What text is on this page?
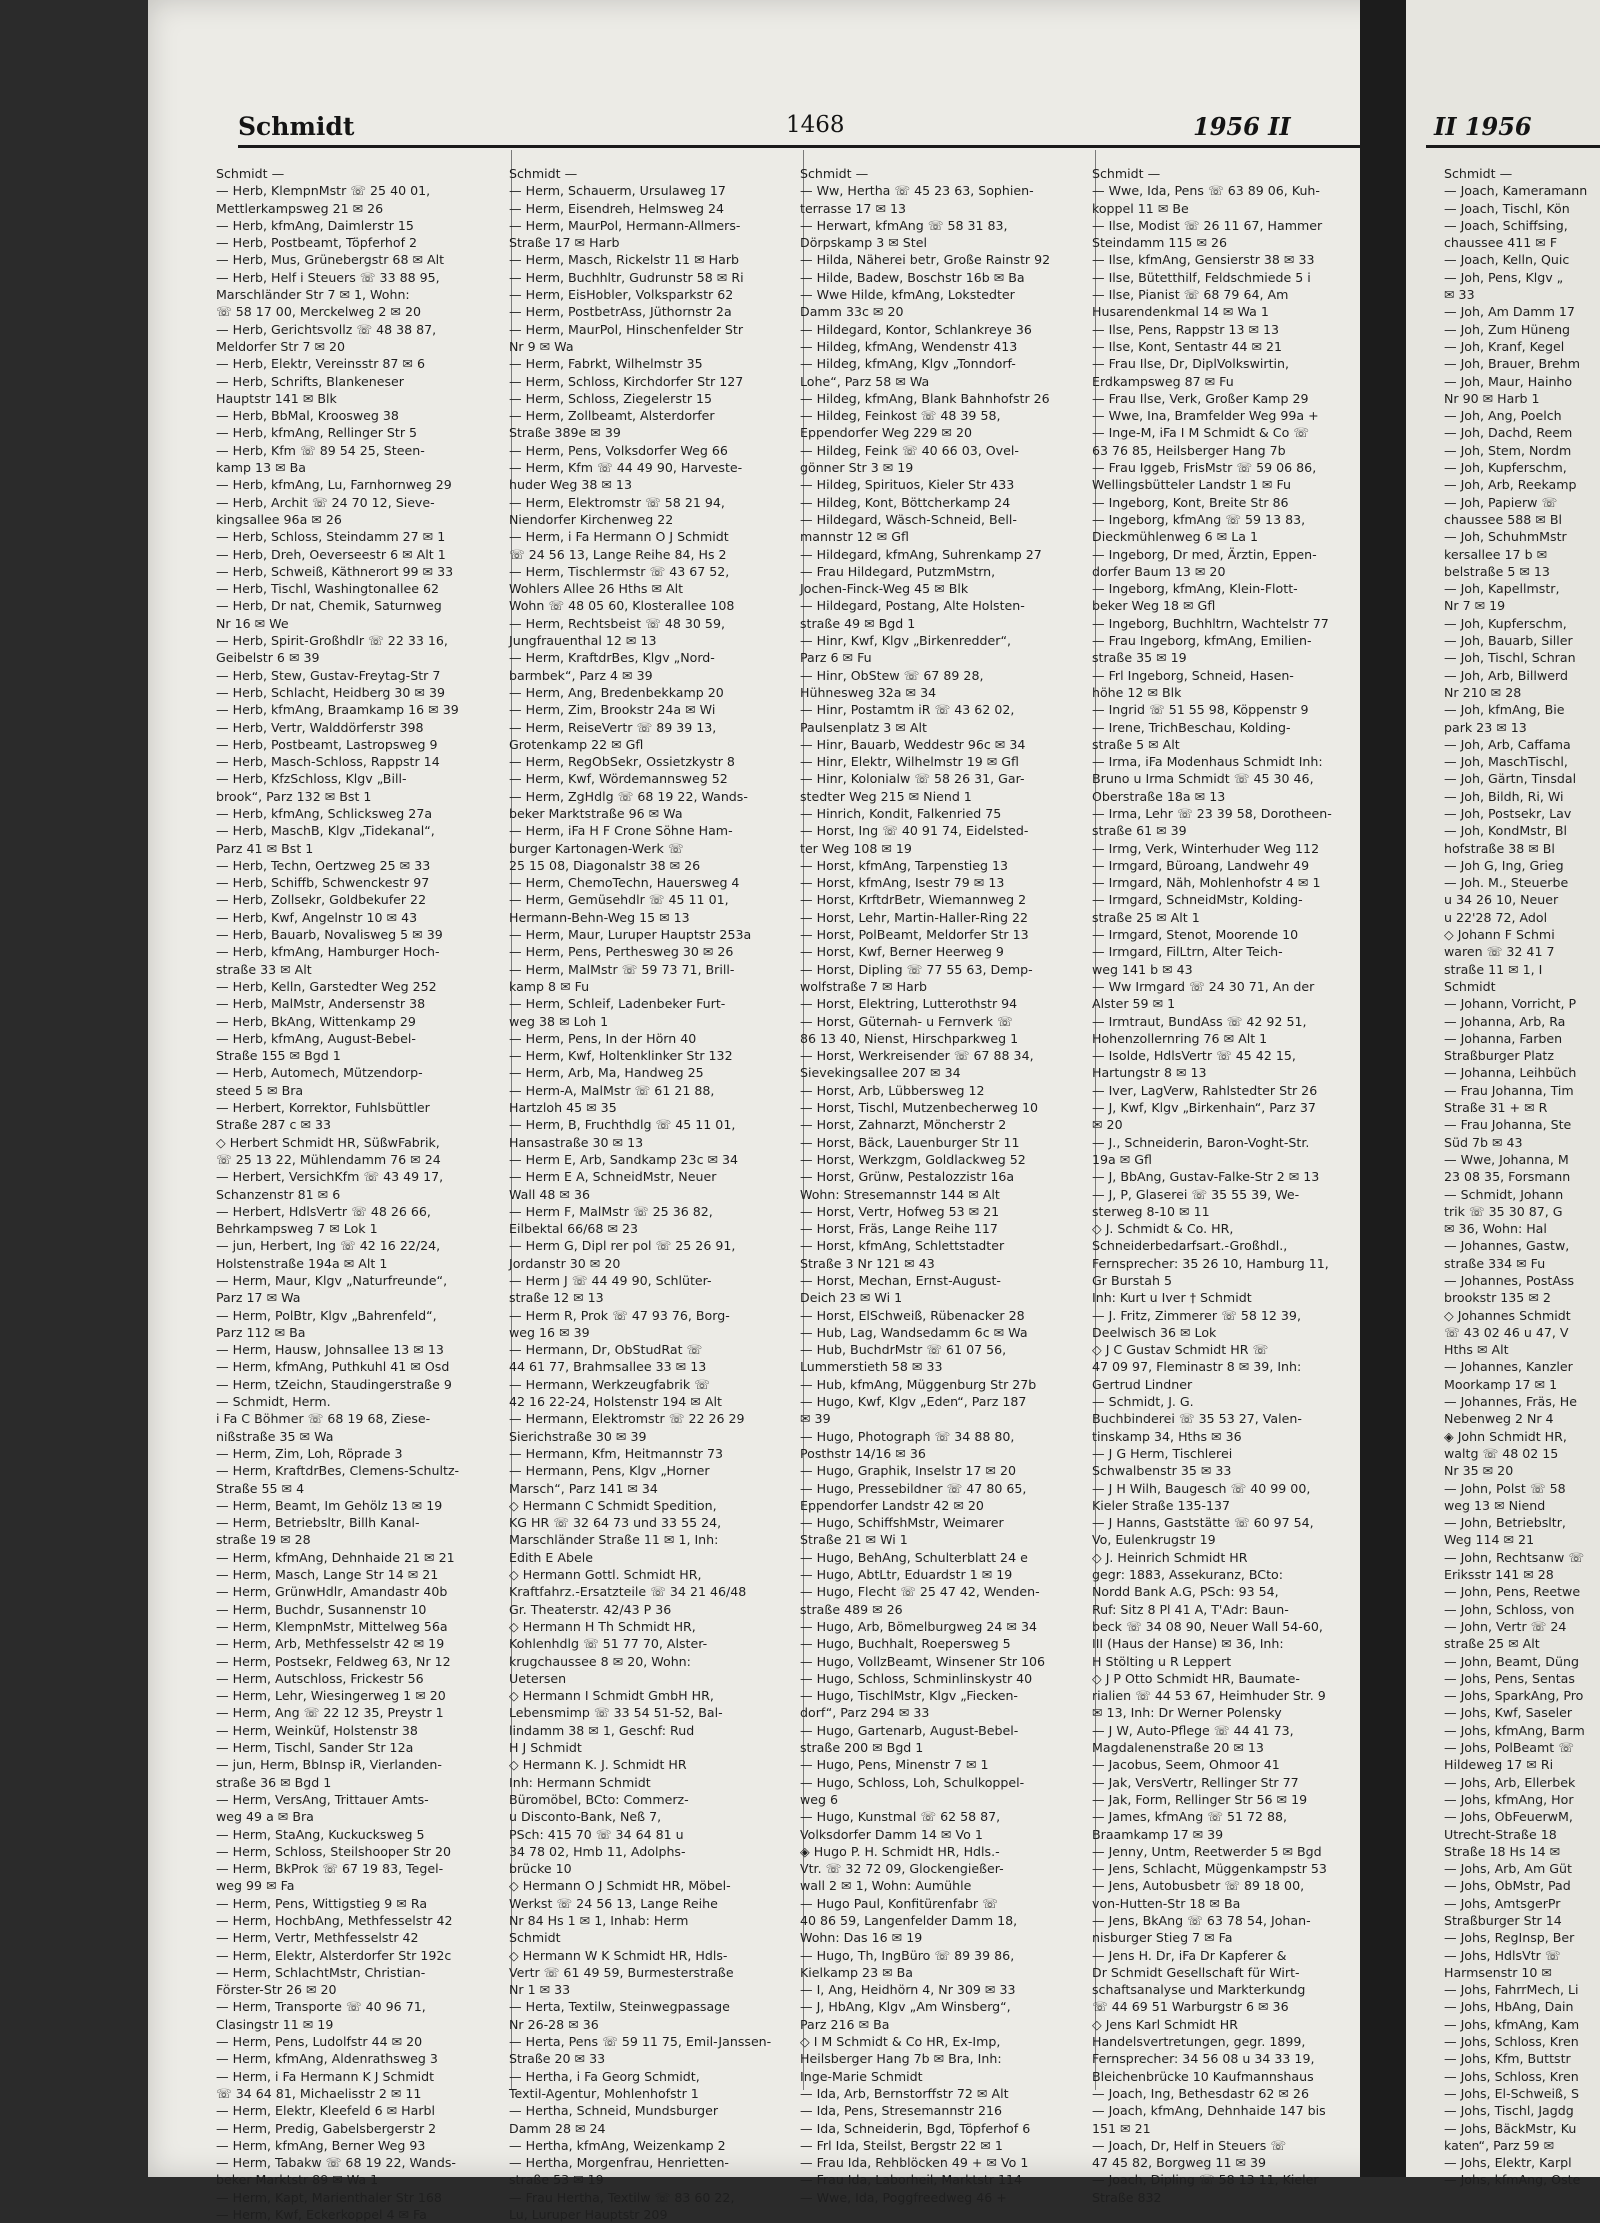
Schmidt	1468	1956 II
Schmidt —
— Herb, KlempnMstr ☏ 25 40 01,
Mettlerkampsweg 21 ✉ 26
— Herb, kfmAng, Daimlerstr 15
— Herb, Postbeamt, Töpferhof 2
— Herb, Mus, Grünebergstr 68 ✉ Alt
— Herb, Helf i Steuers ☏ 33 88 95,
Marschländer Str 7 ✉ 1, Wohn:
☏ 58 17 00, Merckelweg 2 ✉ 20
— Herb, Gerichtsvollz ☏ 48 38 87,
Meldorfer Str 7 ✉ 20
— Herb, Elektr, Vereinsstr 87 ✉ 6
— Herb, Schrifts, Blankeneser
Hauptstr 141 ✉ Blk
— Herb, BbMal, Kroosweg 38
— Herb, kfmAng, Rellinger Str 5
— Herb, Kfm ☏ 89 54 25, Steen-
kamp 13 ✉ Ba
— Herb, kfmAng, Lu, Farnhornweg 29
— Herb, Archit ☏ 24 70 12, Sieve-
kingsallee 96a ✉ 26
— Herb, Schloss, Steindamm 27 ✉ 1
— Herb, Dreh, Oeverseestr 6 ✉ Alt 1
— Herb, Schweiß, Käthnerort 99 ✉ 33
— Herb, Tischl, Washingtonallee 62
— Herb, Dr nat, Chemik, Saturnweg
Nr 16 ✉ We
— Herb, Spirit-Großhdlr ☏ 22 33 16,
Geibelstr 6 ✉ 39
— Herb, Stew, Gustav-Freytag-Str 7
— Herb, Schlacht, Heidberg 30 ✉ 39
— Herb, kfmAng, Braamkamp 16 ✉ 39
— Herb, Vertr, Walddörferstr 398
— Herb, Postbeamt, Lastropsweg 9
— Herb, Masch-Schloss, Rappstr 14
— Herb, KfzSchloss, Klgv „Bill-
brook“, Parz 132 ✉ Bst 1
— Herb, kfmAng, Schlicksweg 27a
— Herb, MaschB, Klgv „Tidekanal“,
Parz 41 ✉ Bst 1
— Herb, Techn, Oertzweg 25 ✉ 33
— Herb, Schiffb, Schwenckestr 97
— Herb, Zollsekr, Goldbekufer 22
— Herb, Kwf, Angelnstr 10 ✉ 43
— Herb, Bauarb, Novalisweg 5 ✉ 39
— Herb, kfmAng, Hamburger Hoch-
straße 33 ✉ Alt
— Herb, Kelln, Garstedter Weg 252
— Herb, MalMstr, Andersenstr 38
— Herb, BkAng, Wittenkamp 29
— Herb, kfmAng, August-Bebel-
Straße 155 ✉ Bgd 1
— Herb, Automech, Mützendorp-
steed 5 ✉ Bra
— Herbert, Korrektor, Fuhlsbüttler
Straße 287 c ✉ 33
◇ Herbert Schmidt HR, SüßwFabrik,
☏ 25 13 22, Mühlendamm 76 ✉ 24
— Herbert, VersichKfm ☏ 43 49 17,
Schanzenstr 81 ✉ 6
— Herbert, HdlsVertr ☏ 48 26 66,
Behrkampsweg 7 ✉ Lok 1
— jun, Herbert, Ing ☏ 42 16 22/24,
Holstenstraße 194a ✉ Alt 1
— Herm, Maur, Klgv „Naturfreunde“,
Parz 17 ✉ Wa
— Herm, PolBtr, Klgv „Bahrenfeld“,
Parz 112 ✉ Ba
— Herm, Hausw, Johnsallee 13 ✉ 13
— Herm, kfmAng, Puthkuhl 41 ✉ Osd
— Herm, tZeichn, Staudingerstraße 9
— Schmidt, Herm.
i Fa C Böhmer ☏ 68 19 68, Ziese-
nißstraße 35 ✉ Wa
— Herm, Zim, Loh, Röprade 3
— Herm, KraftdrBes, Clemens-Schultz-
Straße 55 ✉ 4
— Herm, Beamt, Im Gehölz 13 ✉ 19
— Herm, Betriebsltr, Billh Kanal-
straße 19 ✉ 28
— Herm, kfmAng, Dehnhaide 21 ✉ 21
— Herm, Masch, Lange Str 14 ✉ 21
— Herm, GrünwHdlr, Amandastr 40b
— Herm, Buchdr, Susannenstr 10
— Herm, KlempnMstr, Mittelweg 56a
— Herm, Arb, Methfesselstr 42 ✉ 19
— Herm, Postsekr, Feldweg 63, Nr 12
— Herm, Autschloss, Frickestr 56
— Herm, Lehr, Wiesingerweg 1 ✉ 20
— Herm, Ang ☏ 22 12 35, Preystr 1
— Herm, Weinküf, Holstenstr 38
— Herm, Tischl, Sander Str 12a
— jun, Herm, BbInsp iR, Vierlanden-
straße 36 ✉ Bgd 1
— Herm, VersAng, Trittauer Amts-
weg 49 a ✉ Bra
— Herm, StaAng, Kuckucksweg 5
— Herm, Schloss, Steilshooper Str 20
— Herm, BkProk ☏ 67 19 83, Tegel-
weg 99 ✉ Fa
— Herm, Pens, Wittigstieg 9 ✉ Ra
— Herm, HochbAng, Methfesselstr 42
— Herm, Vertr, Methfesselstr 42
— Herm, Elektr, Alsterdorfer Str 192c
— Herm, SchlachtMstr, Christian-
Förster-Str 26 ✉ 20
— Herm, Transporte ☏ 40 96 71,
Clasingstr 11 ✉ 19
— Herm, Pens, Ludolfstr 44 ✉ 20
— Herm, kfmAng, Aldenrathsweg 3
— Herm, i Fa Hermann K J Schmidt
☏ 34 64 81, Michaelisstr 2 ✉ 11
— Herm, Elektr, Kleefeld 6 ✉ Harbl
— Herm, Predig, Gabelsbergerstr 2
— Herm, kfmAng, Berner Weg 93
— Herm, Tabakw ☏ 68 19 22, Wands-
beker Marktstr 89 ✉ Wa 1
— Herm, Kapt, Marienthaler Str 168
— Herm, Kwf, Eckerkoppel 4 ✉ Fa
Schmidt —
— Herm, Schauerm, Ursulaweg 17
— Herm, Eisendreh, Helmsweg 24
— Herm, MaurPol, Hermann-Allmers-
Straße 17 ✉ Harb
— Herm, Masch, Rickelstr 11 ✉ Harb
— Herm, Buchhltr, Gudrunstr 58 ✉ Ri
— Herm, EisHobler, Volksparkstr 62
— Herm, PostbetrAss, Jüthornstr 2a
— Herm, MaurPol, Hinschenfelder Str
Nr 9 ✉ Wa
— Herm, Fabrkt, Wilhelmstr 35
— Herm, Schloss, Kirchdorfer Str 127
— Herm, Schloss, Ziegelerstr 15
— Herm, Zollbeamt, Alsterdorfer
Straße 389e ✉ 39
— Herm, Pens, Volksdorfer Weg 66
— Herm, Kfm ☏ 44 49 90, Harveste-
huder Weg 38 ✉ 13
— Herm, Elektromstr ☏ 58 21 94,
Niendorfer Kirchenweg 22
— Herm, i Fa Hermann O J Schmidt
☏ 24 56 13, Lange Reihe 84, Hs 2
— Herm, Tischlermstr ☏ 43 67 52,
Wohlers Allee 26 Hths ✉ Alt
Wohn ☏ 48 05 60, Klosterallee 108
— Herm, Rechtsbeist ☏ 48 30 59,
Jungfrauenthal 12 ✉ 13
— Herm, KraftdrBes, Klgv „Nord-
barmbek“, Parz 4 ✉ 39
— Herm, Ang, Bredenbekkamp 20
— Herm, Zim, Brookstr 24a ✉ Wi
— Herm, ReiseVertr ☏ 89 39 13,
Grotenkamp 22 ✉ Gfl
— Herm, RegObSekr, Ossietzkystr 8
— Herm, Kwf, Wördemannsweg 52
— Herm, ZgHdlg ☏ 68 19 22, Wands-
beker Marktstraße 96 ✉ Wa
— Herm, iFa H F Crone Söhne Ham-
burger Kartonagen-Werk ☏
25 15 08, Diagonalstr 38 ✉ 26
— Herm, ChemoTechn, Hauersweg 4
— Herm, Gemüsehdlr ☏ 45 11 01,
Hermann-Behn-Weg 15 ✉ 13
— Herm, Maur, Luruper Hauptstr 253a
— Herm, Pens, Perthesweg 30 ✉ 26
— Herm, MalMstr ☏ 59 73 71, Brill-
kamp 8 ✉ Fu
— Herm, Schleif, Ladenbeker Furt-
weg 38 ✉ Loh 1
— Herm, Pens, In der Hörn 40
— Herm, Kwf, Holtenklinker Str 132
— Herm, Arb, Ma, Handweg 25
— Herm-A, MalMstr ☏ 61 21 88,
Hartzloh 45 ✉ 35
— Herm, B, Fruchthdlg ☏ 45 11 01,
Hansastraße 30 ✉ 13
— Herm E, Arb, Sandkamp 23c ✉ 34
— Herm E A, SchneidMstr, Neuer
Wall 48 ✉ 36
— Herm F, MalMstr ☏ 25 36 82,
Eilbektal 66/68 ✉ 23
— Herm G, Dipl rer pol ☏ 25 26 91,
Jordanstr 30 ✉ 20
— Herm J ☏ 44 49 90, Schlüter-
straße 12 ✉ 13
— Herm R, Prok ☏ 47 93 76, Borg-
weg 16 ✉ 39
— Hermann, Dr, ObStudRat ☏
44 61 77, Brahmsallee 33 ✉ 13
— Hermann, Werkzeugfabrik ☏
42 16 22-24, Holstenstr 194 ✉ Alt
— Hermann, Elektromstr ☏ 22 26 29
Sierichstraße 30 ✉ 39
— Hermann, Kfm, Heitmannstr 73
— Hermann, Pens, Klgv „Horner
Marsch“, Parz 141 ✉ 34
◇ Hermann C Schmidt Spedition,
KG HR ☏ 32 64 73 und 33 55 24,
Marschländer Straße 11 ✉ 1, Inh:
Edith E Abele
◇ Hermann Gottl. Schmidt HR,
Kraftfahrz.-Ersatzteile ☏ 34 21 46/48
Gr. Theaterstr. 42/43 P 36
◇ Hermann H Th Schmidt HR,
Kohlenhdlg ☏ 51 77 70, Alster-
krugchaussee 8 ✉ 20, Wohn:
Uetersen
◇ Hermann I Schmidt GmbH HR,
Lebensmimp ☏ 33 54 51-52, Bal-
lindamm 38 ✉ 1, Geschf: Rud
H J Schmidt
◇ Hermann K. J. Schmidt HR
Inh: Hermann Schmidt
Büromöbel, BCto: Commerz-
u Disconto-Bank, Neß 7,
PSch: 415 70 ☏ 34 64 81 u
34 78 02, Hmb 11, Adolphs-
brücke 10
◇ Hermann O J Schmidt HR, Möbel-
Werkst ☏ 24 56 13, Lange Reihe
Nr 84 Hs 1 ✉ 1, Inhab: Herm
Schmidt
◇ Hermann W K Schmidt HR, Hdls-
Vertr ☏ 61 49 59, Burmesterstraße
Nr 1 ✉ 33
— Herta, Textilw, Steinwegpassage
Nr 26-28 ✉ 36
— Herta, Pens ☏ 59 11 75, Emil-Janssen-
Straße 20 ✉ 33
— Hertha, i Fa Georg Schmidt,
Textil-Agentur, Mohlenhofstr 1
— Hertha, Schneid, Mundsburger
Damm 28 ✉ 24
— Hertha, kfmAng, Weizenkamp 2
— Hertha, Morgenfrau, Henrietten-
straße 53 ✉ 19
— Frau Hertha, Textilw ☏ 83 60 22,
Lu, Luruper Hauptstr 209
Schmidt —
— Ww, Hertha ☏ 45 23 63, Sophien-
terrasse 17 ✉ 13
— Herwart, kfmAng ☏ 58 31 83,
Dörpskamp 3 ✉ Stel
— Hilda, Näherei betr, Große Rainstr 92
— Hilde, Badew, Boschstr 16b ✉ Ba
— Wwe Hilde, kfmAng, Lokstedter
Damm 33c ✉ 20
— Hildegard, Kontor, Schlankreye 36
— Hildeg, kfmAng, Wendenstr 413
— Hildeg, kfmAng, Klgv „Tonndorf-
Lohe“, Parz 58 ✉ Wa
— Hildeg, kfmAng, Blank Bahnhofstr 26
— Hildeg, Feinkost ☏ 48 39 58,
Eppendorfer Weg 229 ✉ 20
— Hildeg, Feink ☏ 40 66 03, Ovel-
gönner Str 3 ✉ 19
— Hildeg, Spirituos, Kieler Str 433
— Hildeg, Kont, Böttcherkamp 24
— Hildegard, Wäsch-Schneid, Bell-
mannstr 12 ✉ Gfl
— Hildegard, kfmAng, Suhrenkamp 27
— Frau Hildegard, PutzmMstrn,
Jochen-Finck-Weg 45 ✉ Blk
— Hildegard, Postang, Alte Holsten-
straße 49 ✉ Bgd 1
— Hinr, Kwf, Klgv „Birkenredder“,
Parz 6 ✉ Fu
— Hinr, ObStew ☏ 67 89 28,
Hühnesweg 32a ✉ 34
— Hinr, Postamtm iR ☏ 43 62 02,
Paulsenplatz 3 ✉ Alt
— Hinr, Bauarb, Weddestr 96c ✉ 34
— Hinr, Elektr, Wilhelmstr 19 ✉ Gfl
— Hinr, Kolonialw ☏ 58 26 31, Gar-
stedter Weg 215 ✉ Niend 1
— Hinrich, Kondit, Falkenried 75
— Horst, Ing ☏ 40 91 74, Eidelsted-
ter Weg 108 ✉ 19
— Horst, kfmAng, Tarpenstieg 13
— Horst, kfmAng, Isestr 79 ✉ 13
— Horst, KrftdrBetr, Wiemannweg 2
— Horst, Lehr, Martin-Haller-Ring 22
— Horst, PolBeamt, Meldorfer Str 13
— Horst, Kwf, Berner Heerweg 9
— Horst, Dipling ☏ 77 55 63, Demp-
wolfstraße 7 ✉ Harb
— Horst, Elektring, Lutterothstr 94
— Horst, Güternah- u Fernverk ☏
86 13 40, Nienst, Hirschparkweg 1
— Horst, Werkreisender ☏ 67 88 34,
Sievekingsallee 207 ✉ 34
— Horst, Arb, Lübbersweg 12
— Horst, Tischl, Mutzenbecherweg 10
— Horst, Zahnarzt, Möncherstr 2
— Horst, Bäck, Lauenburger Str 11
— Horst, Werkzgm, Goldlackweg 52
— Horst, Grünw, Pestalozzistr 16a
Wohn: Stresemannstr 144 ✉ Alt
— Horst, Vertr, Hofweg 53 ✉ 21
— Horst, Fräs, Lange Reihe 117
— Horst, kfmAng, Schlettstadter
Straße 3 Nr 121 ✉ 43
— Horst, Mechan, Ernst-August-
Deich 23 ✉ Wi 1
— Horst, ElSchweiß, Rübenacker 28
— Hub, Lag, Wandsedamm 6c ✉ Wa
— Hub, BuchdrMstr ☏ 61 07 56,
Lummerstieth 58 ✉ 33
— Hub, kfmAng, Müggenburg Str 27b
— Hugo, Kwf, Klgv „Eden“, Parz 187
✉ 39
— Hugo, Photograph ☏ 34 88 80,
Posthstr 14/16 ✉ 36
— Hugo, Graphik, Inselstr 17 ✉ 20
— Hugo, Pressebildner ☏ 47 80 65,
Eppendorfer Landstr 42 ✉ 20
— Hugo, SchiffshMstr, Weimarer
Straße 21 ✉ Wi 1
— Hugo, BehAng, Schulterblatt 24 e
— Hugo, AbtLtr, Eduardstr 1 ✉ 19
— Hugo, Flecht ☏ 25 47 42, Wenden-
straße 489 ✉ 26
— Hugo, Arb, Bömelburgweg 24 ✉ 34
— Hugo, Buchhalt, Roepersweg 5
— Hugo, VollzBeamt, Winsener Str 106
— Hugo, Schloss, Schminlinskystr 40
— Hugo, TischlMstr, Klgv „Fiecken-
dorf“, Parz 294 ✉ 33
— Hugo, Gartenarb, August-Bebel-
straße 200 ✉ Bgd 1
— Hugo, Pens, Minenstr 7 ✉ 1
— Hugo, Schloss, Loh, Schulkoppel-
weg 6
— Hugo, Kunstmal ☏ 62 58 87,
Volksdorfer Damm 14 ✉ Vo 1
◈ Hugo P. H. Schmidt HR, Hdls.-
Vtr. ☏ 32 72 09, Glockengießer-
wall 2 ✉ 1, Wohn: Aumühle
— Hugo Paul, Konfitürenfabr ☏
40 86 59, Langenfelder Damm 18,
Wohn: Das 16 ✉ 19
— Hugo, Th, IngBüro ☏ 89 39 86,
Kielkamp 23 ✉ Ba
— I, Ang, Heidhörn 4, Nr 309 ✉ 33
— J, HbAng, Klgv „Am Winsberg“,
Parz 216 ✉ Ba
◇ I M Schmidt & Co HR, Ex-Imp,
Heilsberger Hang 7b ✉ Bra, Inh:
Inge-Marie Schmidt
— Ida, Arb, Bernstorffstr 72 ✉ Alt
— Ida, Pens, Stresemannstr 216
— Ida, Schneiderin, Bgd, Töpferhof 6
— Frl Ida, Steilst, Bergstr 22 ✉ 1
— Frau Ida, Rehblöcken 49 + ✉ Vo 1
— Frau Ida, Laborheil, Marktstr 114
— Wwe, Ida, Poggfreedweg 46 +
Schmidt —
— Wwe, Ida, Pens ☏ 63 89 06, Kuh-
koppel 11 ✉ Be
— Ilse, Modist ☏ 26 11 67, Hammer
Steindamm 115 ✉ 26
— Ilse, kfmAng, Gensierstr 38 ✉ 33
— Ilse, Bütetthilf, Feldschmiede 5 i
— Ilse, Pianist ☏ 68 79 64, Am
Husarendenkmal 14 ✉ Wa 1
— Ilse, Pens, Rappstr 13 ✉ 13
— Ilse, Kont, Sentastr 44 ✉ 21
— Frau Ilse, Dr, DiplVolkswirtin,
Erdkampsweg 87 ✉ Fu
— Frau Ilse, Verk, Großer Kamp 29
— Wwe, Ina, Bramfelder Weg 99a +
— Inge-M, iFa I M Schmidt & Co ☏
63 76 85, Heilsberger Hang 7b
— Frau Iggeb, FrisMstr ☏ 59 06 86,
Wellingsbütteler Landstr 1 ✉ Fu
— Ingeborg, Kont, Breite Str 86
— Ingeborg, kfmAng ☏ 59 13 83,
Dieckmühlenweg 6 ✉ La 1
— Ingeborg, Dr med, Ärztin, Eppen-
dorfer Baum 13 ✉ 20
— Ingeborg, kfmAng, Klein-Flott-
beker Weg 18 ✉ Gfl
— Ingeborg, Buchhltrn, Wachtelstr 77
— Frau Ingeborg, kfmAng, Emilien-
straße 35 ✉ 19
— Frl Ingeborg, Schneid, Hasen-
höhe 12 ✉ Blk
— Ingrid ☏ 51 55 98, Köppenstr 9
— Irene, TrichBeschau, Kolding-
straße 5 ✉ Alt
— Irma, iFa Modenhaus Schmidt Inh:
Bruno u Irma Schmidt ☏ 45 30 46,
Oberstraße 18a ✉ 13
— Irma, Lehr ☏ 23 39 58, Dorotheen-
straße 61 ✉ 39
— Irmg, Verk, Winterhuder Weg 112
— Irmgard, Büroang, Landwehr 49
— Irmgard, Näh, Mohlenhofstr 4 ✉ 1
— Irmgard, SchneidMstr, Kolding-
straße 25 ✉ Alt 1
— Irmgard, Stenot, Moorende 10
— Irmgard, FilLtrn, Alter Teich-
weg 141 b ✉ 43
— Ww Irmgard ☏ 24 30 71, An der
Alster 59 ✉ 1
— Irmtraut, BundAss ☏ 42 92 51,
Hohenzollernring 76 ✉ Alt 1
— Isolde, HdlsVertr ☏ 45 42 15,
Hartungstr 8 ✉ 13
— Iver, LagVerw, Rahlstedter Str 26
— J, Kwf, Klgv „Birkenhain“, Parz 37
✉ 20
— J., Schneiderin, Baron-Voght-Str.
19a ✉ Gfl
— J, BbAng, Gustav-Falke-Str 2 ✉ 13
— J, P, Glaserei ☏ 35 55 39, We-
sterweg 8-10 ✉ 11
◇ J. Schmidt & Co. HR,
Schneiderbedarfsart.-Großhdl.,
Fernsprecher: 35 26 10, Hamburg 11,
Gr Burstah 5
Inh: Kurt u Iver † Schmidt
— J. Fritz, Zimmerer ☏ 58 12 39,
Deelwisch 36 ✉ Lok
◇ J C Gustav Schmidt HR ☏
47 09 97, Fleminastr 8 ✉ 39, Inh:
Gertrud Lindner
— Schmidt, J. G.
Buchbinderei ☏ 35 53 27, Valen-
tinskamp 34, Hths ✉ 36
— J G Herm, Tischlerei
Schwalbenstr 35 ✉ 33
— J H Wilh, Baugesch ☏ 40 99 00,
Kieler Straße 135-137
— J Hanns, Gaststätte ☏ 60 97 54,
Vo, Eulenkrugstr 19
◇ J. Heinrich Schmidt HR
gegr: 1883, Assekuranz, BCto:
Nordd Bank A.G, PSch: 93 54,
Ruf: Sitz 8 Pl 41 A, T'Adr: Baun-
beck ☏ 34 08 90, Neuer Wall 54-60,
III (Haus der Hanse) ✉ 36, Inh:
H Stölting u R Leppert
◇ J P Otto Schmidt HR, Baumate-
rialien ☏ 44 53 67, Heimhuder Str. 9
✉ 13, Inh: Dr Werner Polensky
— J W, Auto-Pflege ☏ 44 41 73,
Magdalenenstraße 20 ✉ 13
— Jacobus, Seem, Ohmoor 41
— Jak, VersVertr, Rellinger Str 77
— Jak, Form, Rellinger Str 56 ✉ 19
— James, kfmAng ☏ 51 72 88,
Braamkamp 17 ✉ 39
— Jenny, Untm, Reetwerder 5 ✉ Bgd
— Jens, Schlacht, Müggenkampstr 53
— Jens, Autobusbetr ☏ 89 18 00,
von-Hutten-Str 18 ✉ Ba
— Jens, BkAng ☏ 63 78 54, Johan-
nisburger Stieg 7 ✉ Fa
— Jens H. Dr, iFa Dr Kapferer &
Dr Schmidt Gesellschaft für Wirt-
schaftsanalyse und Markterkundg
☏ 44 69 51 Warburgstr 6 ✉ 36
◇ Jens Karl Schmidt HR
Handelsvertretungen, gegr. 1899,
Fernsprecher: 34 56 08 u 34 33 19,
Bleichenbrücke 10 Kaufmannshaus
— Joach, Ing, Bethesdastr 62 ✉ 26
— Joach, kfmAng, Dehnhaide 147 bis
151 ✉ 21
— Joach, Dr, Helf in Steuers ☏
47 45 82, Borgweg 11 ✉ 39
— Joach, Dipling ☏ 58 13 11, Kieler
Straße 832
II 1956
Schmidt —
— Joach, Kameramann
— Joach, Tischl, Kön
— Joach, Schiffsing,
chaussee 411 ✉ F
— Joach, Kelln, Quic
— Joh, Pens, Klgv „
✉ 33
— Joh, Am Damm 17
— Joh, Zum Hüneng
— Joh, Kranf, Kegel
— Joh, Brauer, Brehm
— Joh, Maur, Hainho
Nr 90 ✉ Harb 1
— Joh, Ang, Poelch
— Joh, Dachd, Reem
— Joh, Stem, Nordm
— Joh, Kupferschm,
— Joh, Arb, Reekamp
— Joh, Papierw ☏
chaussee 588 ✉ Bl
— Joh, SchuhmMstr
kersallee 17 b ✉
belstraße 5 ✉ 13
— Joh, Kapellmstr,
Nr 7 ✉ 19
— Joh, Kupferschm,
— Joh, Bauarb, Siller
— Joh, Tischl, Schran
— Joh, Arb, Billwerd
Nr 210 ✉ 28
— Joh, kfmAng, Bie
park 23 ✉ 13
— Joh, Arb, Caffama
— Joh, MaschTischl,
— Joh, Gärtn, Tinsdal
— Joh, Bildh, Ri, Wi
— Joh, Postsekr, Lav
— Joh, KondMstr, Bl
hofstraße 38 ✉ Bl
— Joh G, Ing, Grieg
— Joh. M., Steuerbe
u 34 26 10, Neuer
u 22'28 72, Adol
◇ Johann F Schmi
waren ☏ 32 41 7
straße 11 ✉ 1, I
Schmidt
— Johann, Vorricht, P
— Johanna, Arb, Ra
— Johanna, Farben
Straßburger Platz
— Johanna, Leihbüch
— Frau Johanna, Tim
Straße 31 + ✉ R
— Frau Johanna, Ste
Süd 7b ✉ 43
— Wwe, Johanna, M
23 08 35, Forsmann
— Schmidt, Johann
trik ☏ 35 30 87, G
✉ 36, Wohn: Hal
— Johannes, Gastw,
straße 334 ✉ Fu
— Johannes, PostAss
brookstr 135 ✉ 2
◇ Johannes Schmidt
☏ 43 02 46 u 47, V
Hths ✉ Alt
— Johannes, Kanzler
Moorkamp 17 ✉ 1
— Johannes, Fräs, He
Nebenweg 2 Nr 4
◈ John Schmidt HR,
waltg ☏ 48 02 15
Nr 35 ✉ 20
— John, Polst ☏ 58
weg 13 ✉ Niend
— John, Betriebsltr,
Weg 114 ✉ 21
— John, Rechtsanw ☏
Eriksstr 141 ✉ 28
— John, Pens, Reetwe
— John, Schloss, von
— John, Vertr ☏ 24
straße 25 ✉ Alt
— John, Beamt, Düng
— Johs, Pens, Sentas
— Johs, SparkAng, Pro
— Johs, Kwf, Saseler
— Johs, kfmAng, Barm
— Johs, PolBeamt ☏
Hildeweg 17 ✉ Ri
— Johs, Arb, Ellerbek
— Johs, kfmAng, Hor
— Johs, ObFeuerwM,
Utrecht-Straße 18
Straße 18 Hs 14 ✉
— Johs, Arb, Am Güt
— Johs, ObMstr, Pad
— Johs, AmtsgerPr
Straßburger Str 14
— Johs, RegInsp, Ber
— Johs, HdlsVtr ☏
Harmsenstr 10 ✉
— Johs, FahrrMech, Li
— Johs, HbAng, Dain
— Johs, kfmAng, Kam
— Johs, Schloss, Kren
— Johs, Kfm, Buttstr
— Johs, Schloss, Kren
— Johs, El-Schweiß, S
— Johs, Tischl, Jagdg
— Johs, BäckMstr, Ku
katen“, Parz 59 ✉
— Johs, Elektr, Karpl
— Johs, kfmAng, Oste
